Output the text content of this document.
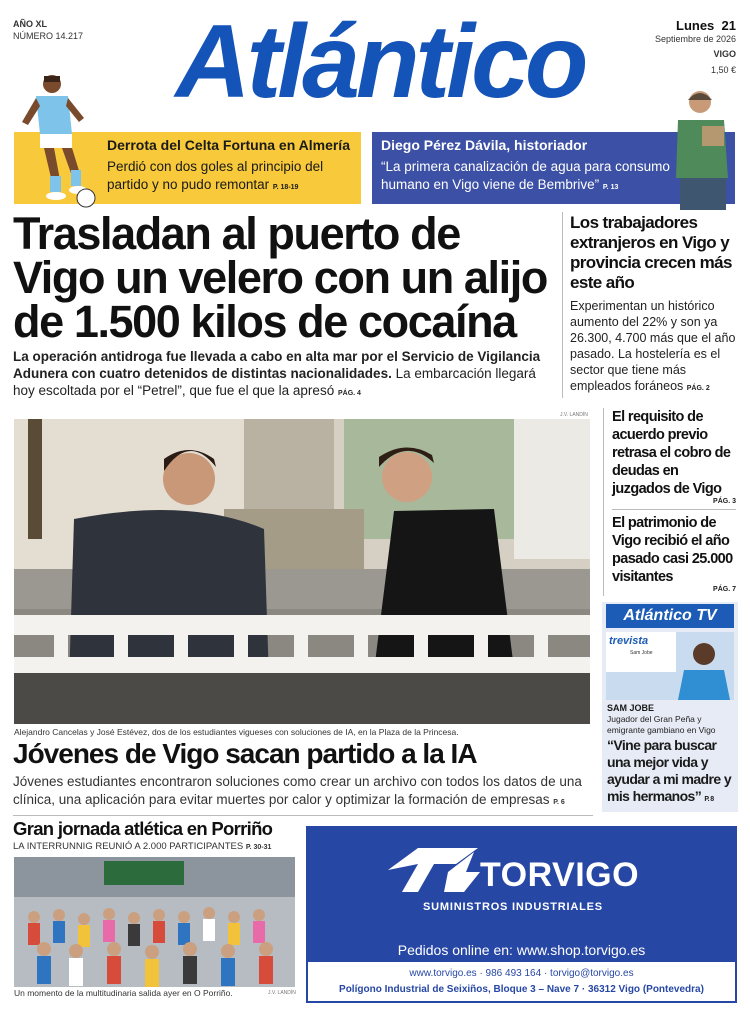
AÑO XL
NÚMERO 14.217 Atlántico	Lunes 21
Septiembre de 2026
VIGO
1,50 €
Derrota del Celta Fortuna en Almería
Perdió con dos goles al principio del partido y no pudo remontar P. 18-19
Diego Pérez Dávila, historiador
“La primera canalización de agua para consumo humano en Vigo viene de Bembrive” P. 13
Trasladan al puerto de Vigo un velero con un alijo de 1.500 kilos de cocaína
La operación antidroga fue llevada a cabo en alta mar por el Servicio de Vigilancia Adunera con cuatro detenidos de distintas nacionalidades. La embarcación llegará hoy escoltada por el “Petrel”, que fue el que la apresó PÁG. 4
Los trabajadores extranjeros en Vigo y provincia crecen más este año
Experimentan un histórico aumento del 22% y son ya 26.300, 4.700 más que el año pasado. La hostelería es el sector que tiene más empleados foráneos PÁG. 2
J.V. LANDÍN
Alejandro Cancelas y José Estévez, dos de los estudiantes vigueses con soluciones de IA, en la Plaza de la Princesa.
Jóvenes de Vigo sacan partido a la IA
Jóvenes estudiantes encontraron soluciones como crear un archivo con todos los datos de una clínica, una aplicación para evitar muertes por calor y optimizar la formación de empresas P. 6
El requisito de acuerdo previo retrasa el cobro de deudas en juzgados de Vigo
PÁG. 3
El patrimonio de Vigo recibió el año pasado casi 25.000 visitantes
PÁG. 7
Atlántico TV
trevista
Sam Jobe
SAM JOBE
Jugador del Gran Peña y emigrante gambiano en Vigo
“Vine para buscar una mejor vida y ayudar a mi madre y mis hermanos” P. 8
Gran jornada atlética en Porriño
LA INTERRUNNIG REUNIÓ A 2.000 PARTICIPANTES P. 30-31
Un momento de la multitudinaria salida ayer en O Porriño.	J.V. LANDÍN
TORVIGO
SUMINISTROS INDUSTRIALES
Pedidos online en: www.shop.torvigo.es
www.torvigo.es · 986 493 164 · torvigo@torvigo.es
Polígono Industrial de Seixiños, Bloque 3 – Nave 7 · 36312 Vigo (Pontevedra)
